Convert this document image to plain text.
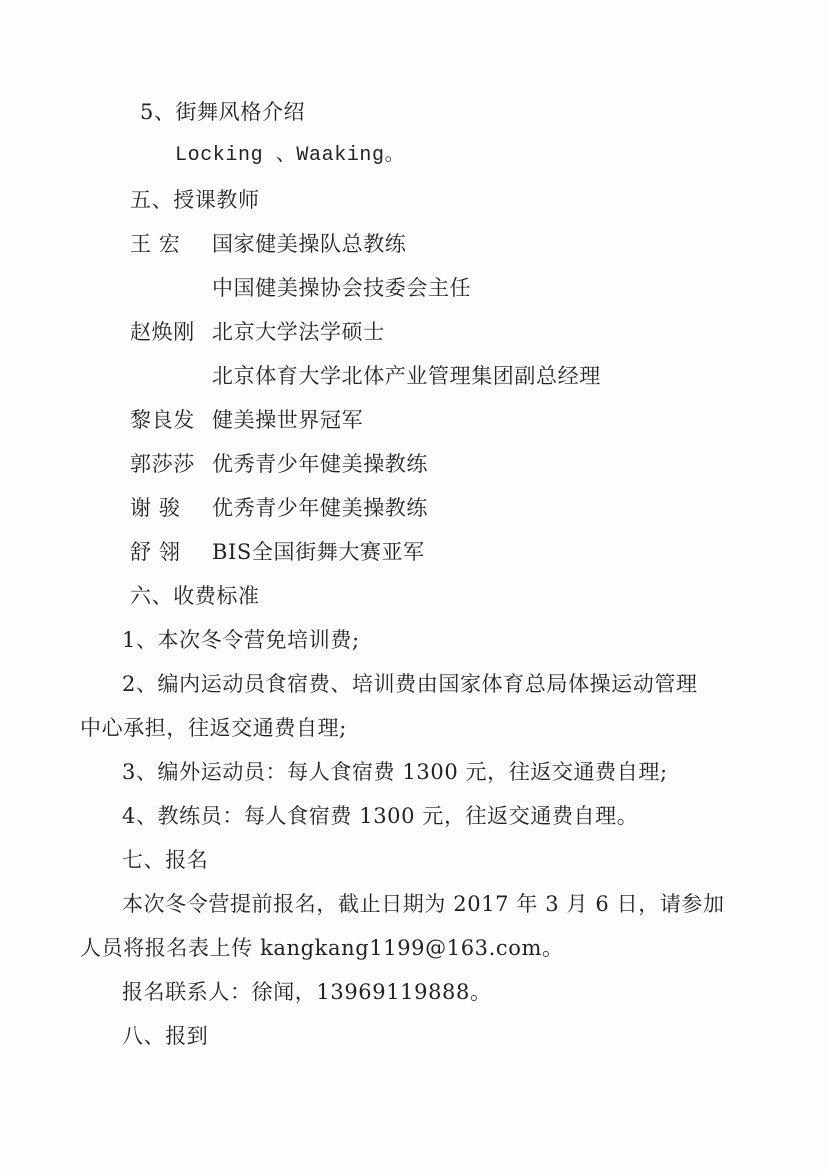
5、街舞风格介绍
Locking 、Waaking。
五、授课教师
王 宏 国家健美操队总教练
中国健美操协会技委会主任
赵焕刚 北京大学法学硕士
北京体育大学北体产业管理集团副总经理
黎良发 健美操世界冠军
郭莎莎 优秀青少年健美操教练
谢 骏 优秀青少年健美操教练
舒 翎 BIS全国街舞大赛亚军
六、收费标准
1、本次冬令营免培训费;
2、编内运动员食宿费、培训费由国家体育总局体操运动管理
中心承担，往返交通费自理;
3、编外运动员：每人食宿费 1300 元，往返交通费自理;
4、教练员：每人食宿费 1300 元，往返交通费自理。
七、报名
本次冬令营提前报名，截止日期为 2017 年 3 月 6 日，请参加
人员将报名表上传 kangkang1199@163.com。
报名联系人：徐闻，13969119888。
八、报到
